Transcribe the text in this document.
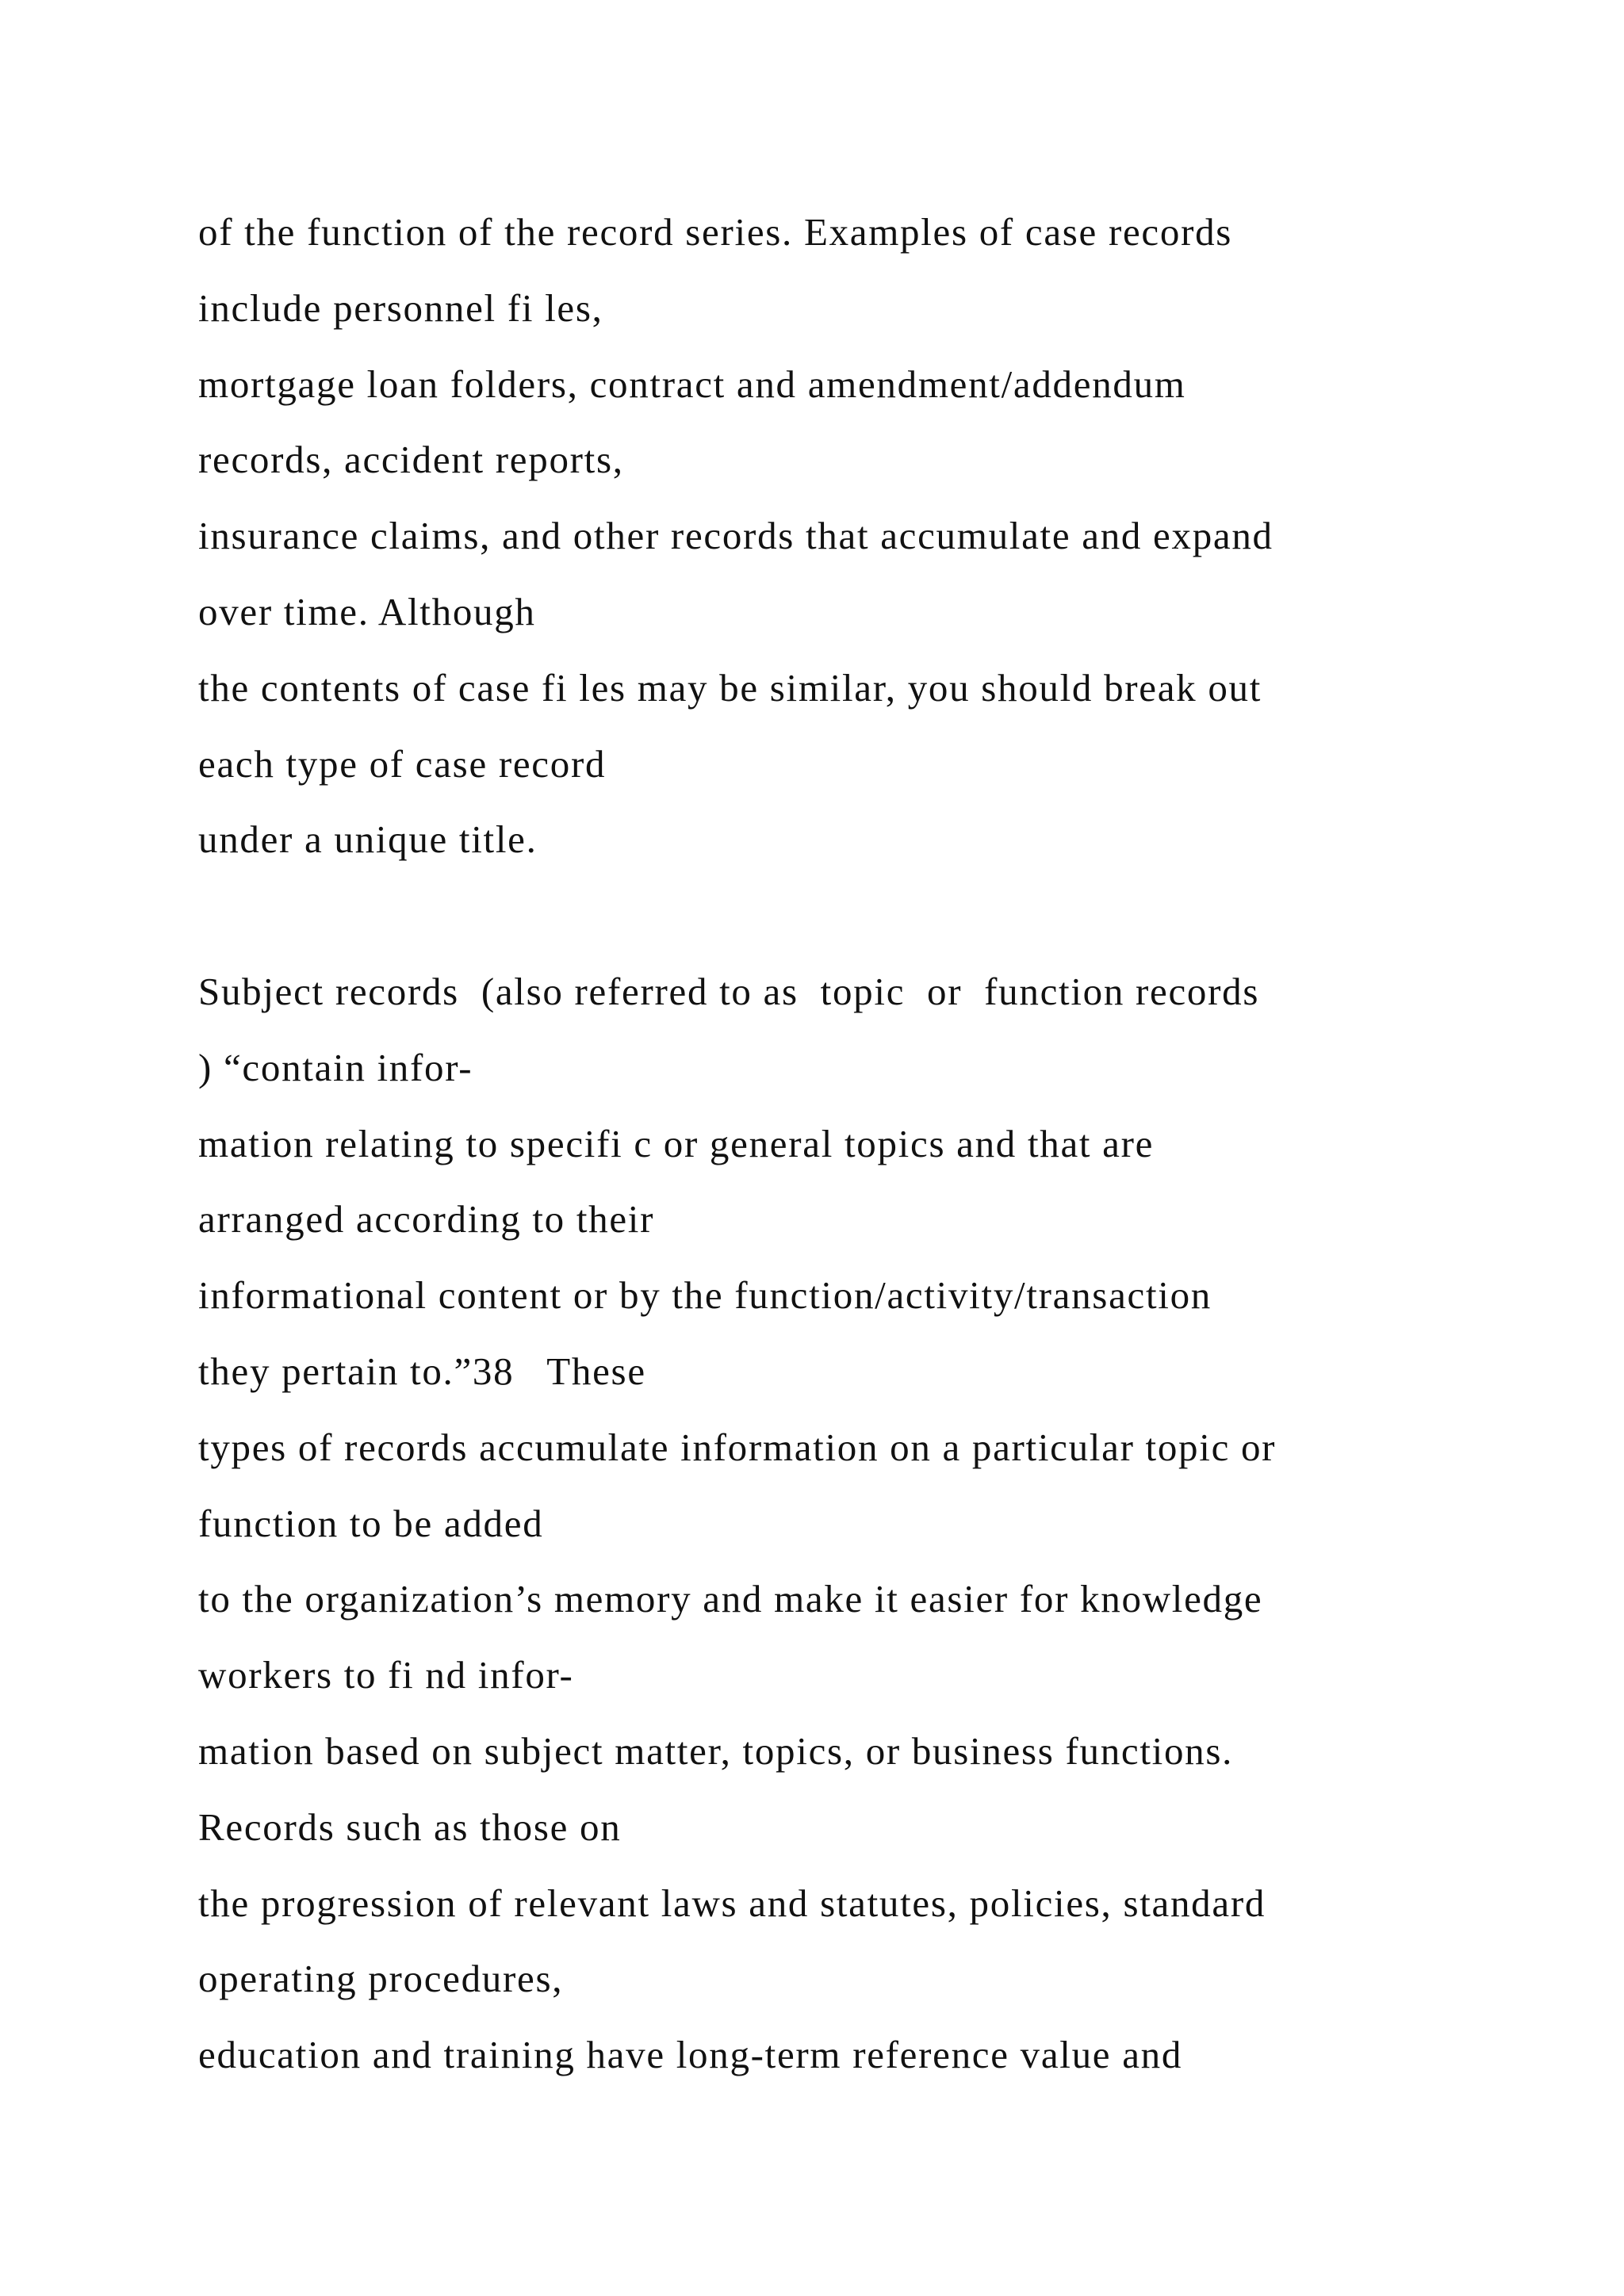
of the function of the record series. Examples of case records
include personnel fi les,
mortgage loan folders, contract and amendment/addendum
records, accident reports,
insurance claims, and other records that accumulate and expand
over time. Although
the contents of case fi les may be similar, you should break out
each type of case record
under a unique title.
Subject records  (also referred to as  topic  or  function records
) “contain infor-
mation relating to specifi c or general topics and that are
arranged according to their
informational content or by the function/activity/transaction
they pertain to.”38   These
types of records accumulate information on a particular topic or
function to be added
to the organization’s memory and make it easier for knowledge
workers to fi nd infor-
mation based on subject matter, topics, or business functions.
Records such as those on
the progression of relevant laws and statutes, policies, standard
operating procedures,
education and training have long-term reference value and
